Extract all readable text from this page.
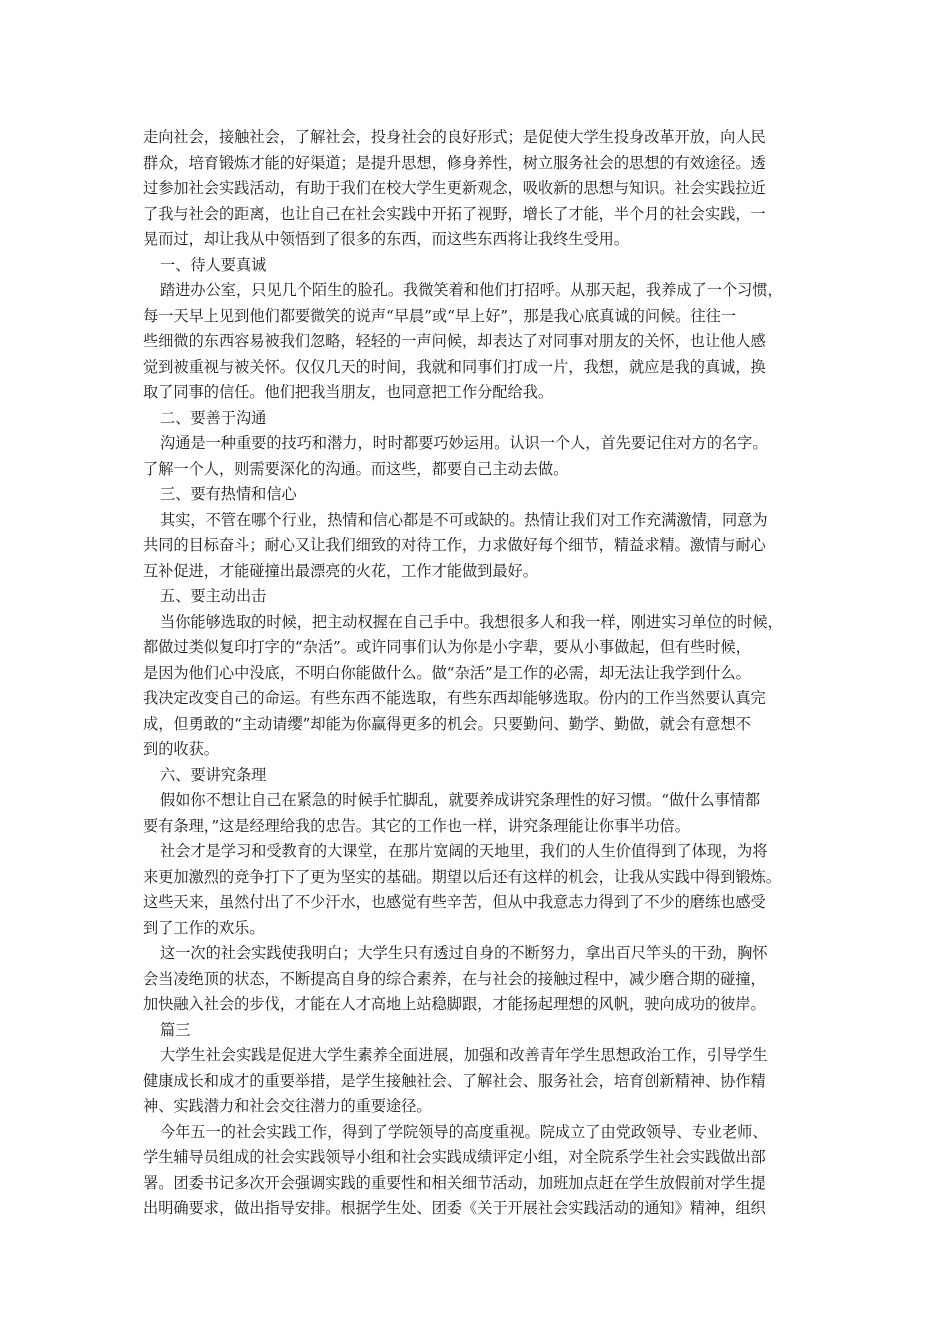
走向社会，接触社会，了解社会，投身社会的良好形式；是促使大学生投身改革开放，向人民
群众，培育锻炼才能的好渠道；是提升思想，修身养性，树立服务社会的思想的有效途径。透
过参加社会实践活动，有助于我们在校大学生更新观念，吸收新的思想与知识。社会实践拉近
了我与社会的距离，也让自己在社会实践中开拓了视野，增长了才能，半个月的社会实践，一
晃而过，却让我从中领悟到了很多的东西，而这些东西将让我终生受用。
一、待人要真诚
踏进办公室，只见几个陌生的脸孔。我微笑着和他们打招呼。从那天起，我养成了一个习惯，
每一天早上见到他们都要微笑的说声“早晨”或“早上好”，那是我心底真诚的问候。往往一
些细微的东西容易被我们忽略，轻轻的一声问候，却表达了对同事对朋友的关怀，也让他人感
觉到被重视与被关怀。仅仅几天的时间，我就和同事们打成一片，我想，就应是我的真诚，换
取了同事的信任。他们把我当朋友，也同意把工作分配给我。
二、要善于沟通
沟通是一种重要的技巧和潜力，时时都要巧妙运用。认识一个人，首先要记住对方的名字。
了解一个人，则需要深化的沟通。而这些，都要自己主动去做。
三、要有热情和信心
其实，不管在哪个行业，热情和信心都是不可或缺的。热情让我们对工作充满激情，同意为
共同的目标奋斗；耐心又让我们细致的对待工作，力求做好每个细节，精益求精。激情与耐心
互补促进，才能碰撞出最漂亮的火花，工作才能做到最好。
五、要主动出击
当你能够选取的时候，把主动权握在自己手中。我想很多人和我一样，刚进实习单位的时候，
都做过类似复印打字的“杂活”。或许同事们认为你是小字辈，要从小事做起，但有些时候，
是因为他们心中没底，不明白你能做什么。做“杂活”是工作的必需，却无法让我学到什么。
我决定改变自己的命运。有些东西不能选取，有些东西却能够选取。份内的工作当然要认真完
成，但勇敢的“主动请缨”却能为你赢得更多的机会。只要勤问、勤学、勤做，就会有意想不
到的收获。
六、要讲究条理
假如你不想让自己在紧急的时候手忙脚乱，就要养成讲究条理性的好习惯。“做什么事情都
要有条理，”这是经理给我的忠告。其它的工作也一样，讲究条理能让你事半功倍。
社会才是学习和受教育的大课堂，在那片宽阔的天地里，我们的人生价值得到了体现，为将
来更加激烈的竞争打下了更为坚实的基础。期望以后还有这样的机会，让我从实践中得到锻炼。
这些天来，虽然付出了不少汗水，也感觉有些辛苦，但从中我意志力得到了不少的磨练也感受
到了工作的欢乐。
这一次的社会实践使我明白；大学生只有透过自身的不断努力，拿出百尺竿头的干劲，胸怀
会当凌绝顶的状态，不断提高自身的综合素养，在与社会的接触过程中，减少磨合期的碰撞，
加快融入社会的步伐，才能在人才高地上站稳脚跟，才能扬起理想的风帆，驶向成功的彼岸。
篇三
大学生社会实践是促进大学生素养全面进展，加强和改善青年学生思想政治工作，引导学生
健康成长和成才的重要举措，是学生接触社会、了解社会、服务社会，培育创新精神、协作精
神、实践潜力和社会交往潜力的重要途径。
今年五一的社会实践工作，得到了学院领导的高度重视。院成立了由党政领导、专业老师、
学生辅导员组成的社会实践领导小组和社会实践成绩评定小组，对全院系学生社会实践做出部
署。团委书记多次开会强调实践的重要性和相关细节活动，加班加点赶在学生放假前对学生提
出明确要求，做出指导安排。根据学生处、团委《关于开展社会实践活动的通知》精神，组织
